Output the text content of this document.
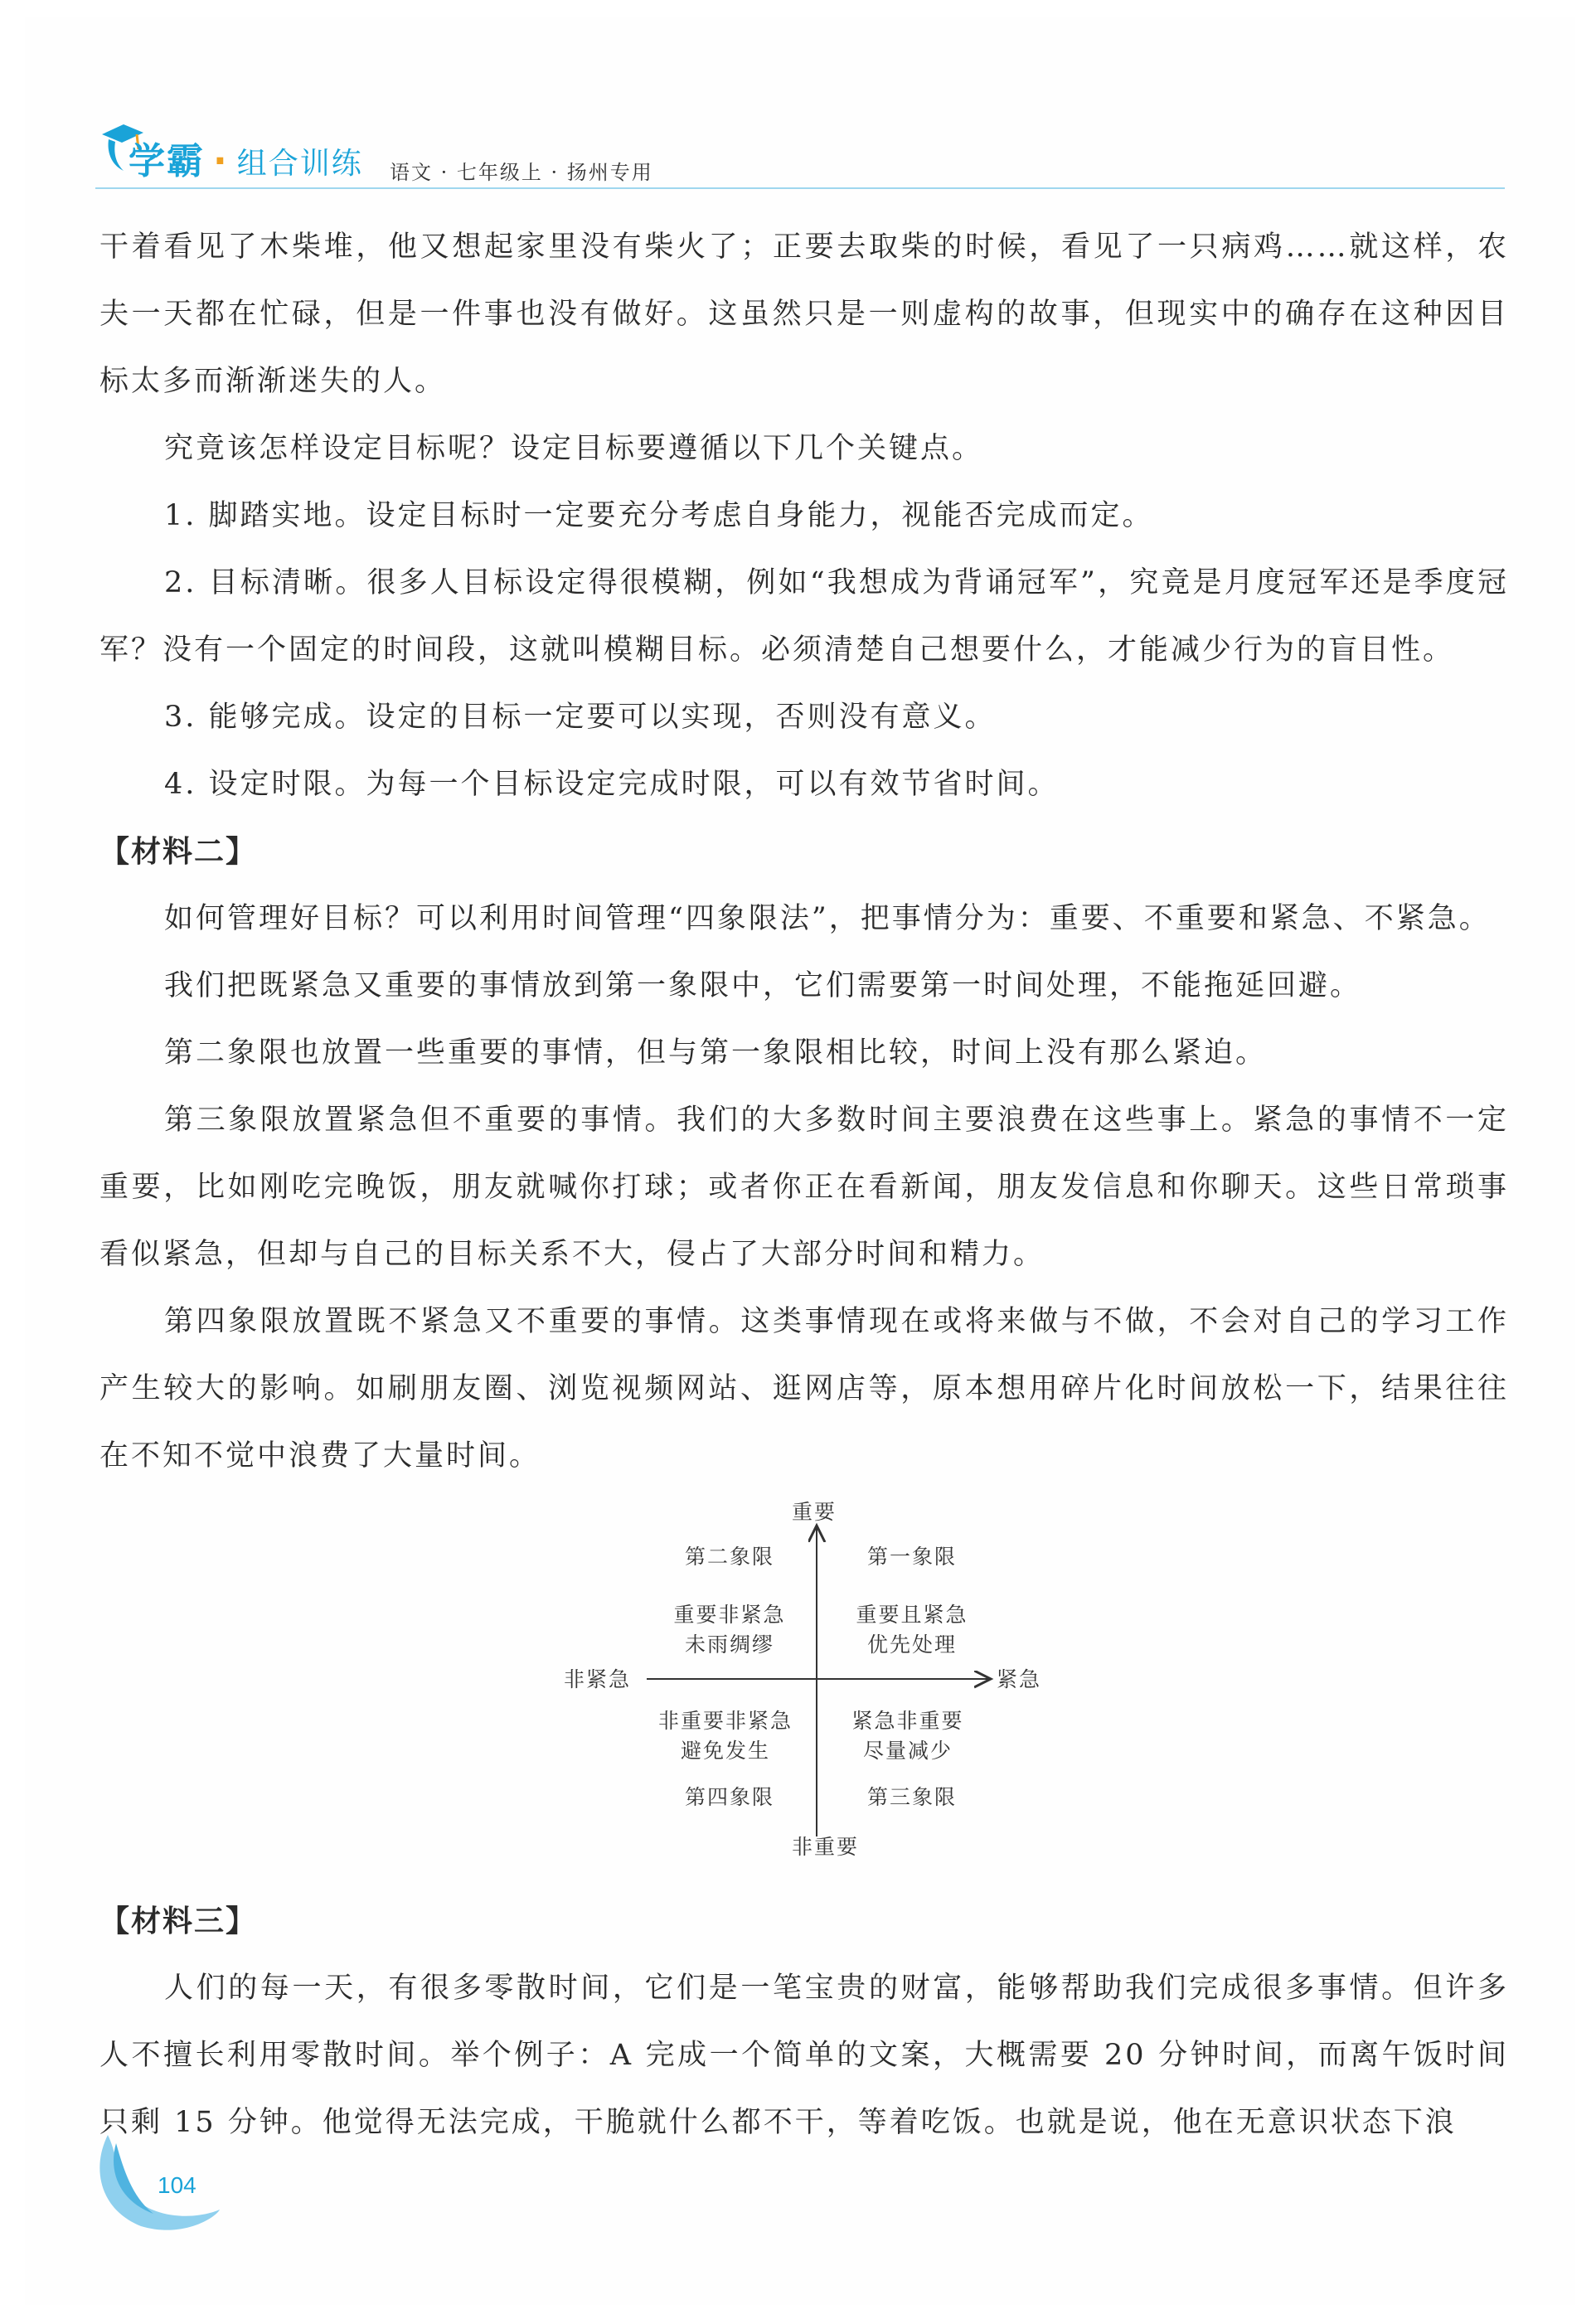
学霸 · 组合训练 语文 · 七年级上 · 扬州专用

干着看见了木柴堆，他又想起家里没有柴火了；正要去取柴的时候，看见了一只病鸡……就这样，农夫一天都在忙碌，但是一件事也没有做好。这虽然只是一则虚构的故事，但现实中的确存在这种因目标太多而渐渐迷失的人。

究竟该怎样设定目标呢？设定目标要遵循以下几个关键点。

1. 脚踏实地。设定目标时一定要充分考虑自身能力，视能否完成而定。

2. 目标清晰。很多人目标设定得很模糊，例如“我想成为背诵冠军”，究竟是月度冠军还是季度冠军？没有一个固定的时间段，这就叫模糊目标。必须清楚自己想要什么，才能减少行为的盲目性。

3. 能够完成。设定的目标一定要可以实现，否则没有意义。

4. 设定时限。为每一个目标设定完成时限，可以有效节省时间。

【材料二】

如何管理好目标？可以利用时间管理“四象限法”，把事情分为：重要、不重要和紧急、不紧急。

我们把既紧急又重要的事情放到第一象限中，它们需要第一时间处理，不能拖延回避。

第二象限也放置一些重要的事情，但与第一象限相比较，时间上没有那么紧迫。

第三象限放置紧急但不重要的事情。我们的大多数时间主要浪费在这些事上。紧急的事情不一定重要，比如刚吃完晚饭，朋友就喊你打球；或者你正在看新闻，朋友发信息和你聊天。这些日常琐事看似紧急，但却与自己的目标关系不大，侵占了大部分时间和精力。

第四象限放置既不紧急又不重要的事情。这类事情现在或将来做与不做，不会对自己的学习工作产生较大的影响。如刷朋友圈、浏览视频网站、逛网店等，原本想用碎片化时间放松一下，结果往往在不知不觉中浪费了大量时间。

【材料三】

人们的每一天，有很多零散时间，它们是一笔宝贵的财富，能够帮助我们完成很多事情。但许多人不擅长利用零散时间。举个例子：A 完成一个简单的文案，大概需要 20 分钟时间，而离午饭时间只剩 15 分钟。他觉得无法完成，干脆就什么都不干，等着吃饭。也就是说，他在无意识状态下浪

重要
非重要
非紧急	紧急
第二象限
重要非紧急
未雨绸缪
第一象限
重要且紧急
优先处理
非重要非紧急
避免发生
第四象限
紧急非重要
尽量减少
第三象限
104
